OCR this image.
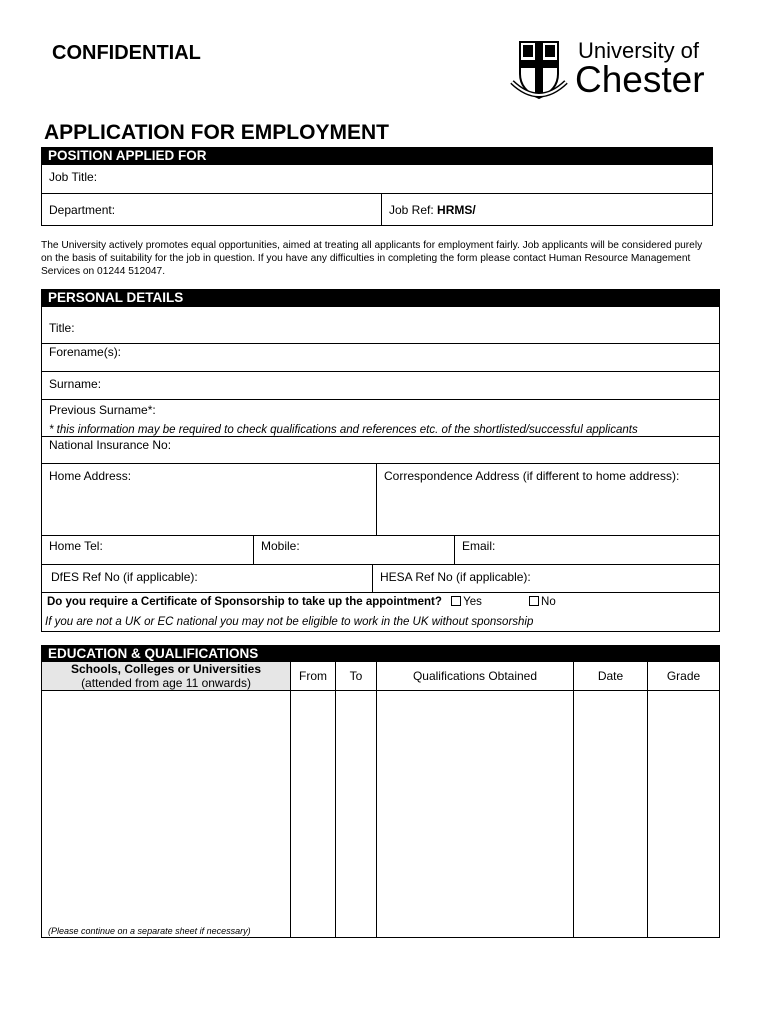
CONFIDENTIAL	University of
Chester
APPLICATION FOR EMPLOYMENT
POSITION APPLIED FOR
Job Title:
Department:	Job Ref: HRMS/
The University actively promotes equal opportunities, aimed at treating all applicants for employment fairly. Job applicants will be considered purely on the basis of suitability for the job in question. If you have any difficulties in completing the form please contact Human Resource Management Services on 01244 512047.
PERSONAL DETAILS
Title:
Forename(s):
Surname:
Previous Surname*:
* this information may be required to check qualifications and references etc. of the shortlisted/successful applicants
National Insurance No:
Home Address:	Correspondence Address (if different to home address):
Home Tel:	Mobile:	Email:
DfES Ref No (if applicable):	HESA Ref No (if applicable):
Do you require a Certificate of Sponsorship to take up the appointment? Yes	No
If you are not a UK or EC national you may not be eligible to work in the UK without sponsorship
EDUCATION & QUALIFICATIONS
Schools, Colleges or Universities
(attended from age 11 onwards)	From	To	Qualifications Obtained	Date	Grade
(Please continue on a separate sheet if necessary)
